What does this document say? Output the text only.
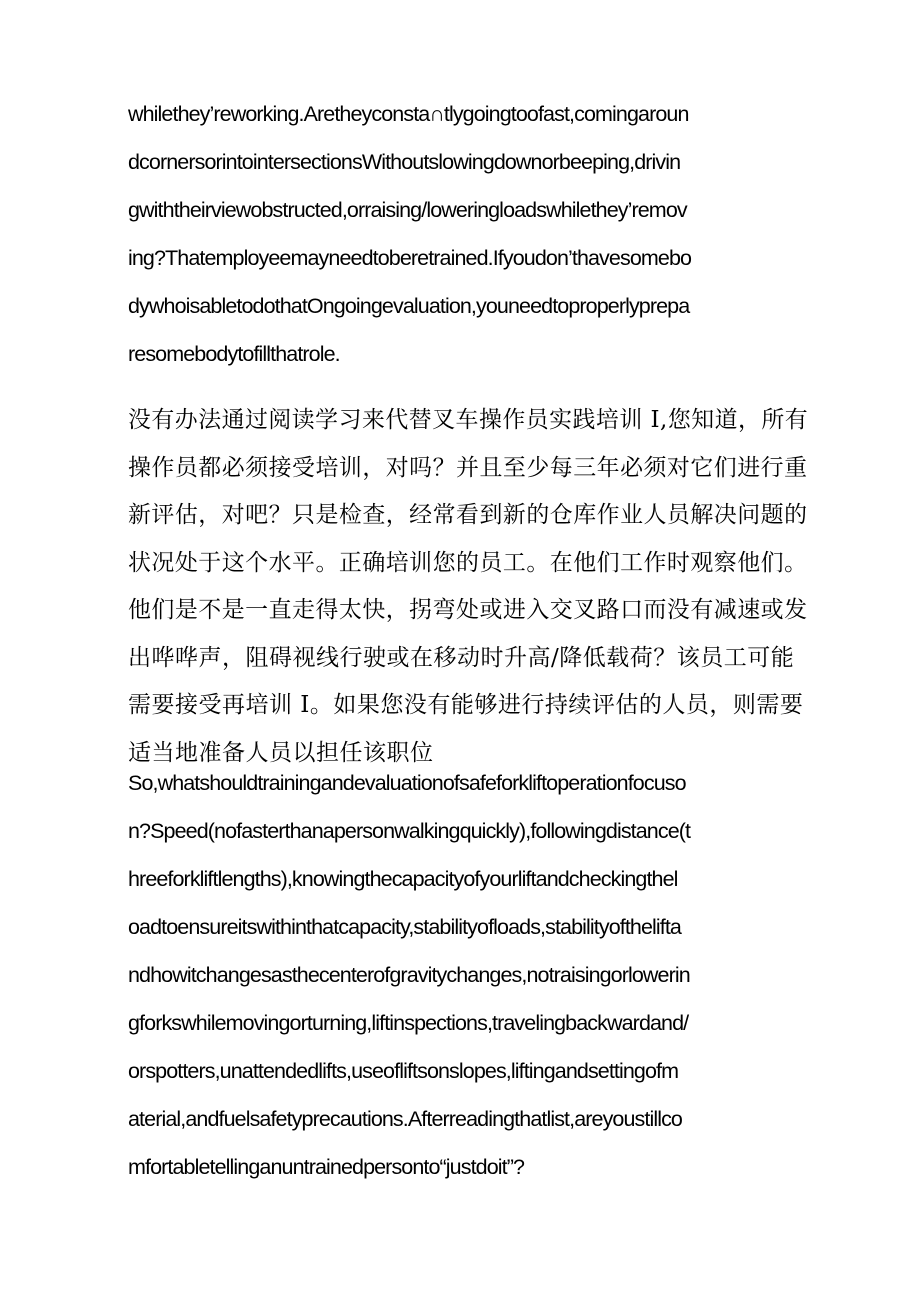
whilethey’reworking.Aretheyconsta∩tlygoingtoofast,comingaroun
dcornersorintointersectionsWithoutslowingdownorbeeping,drivin
gwiththeirviewobstructed,orraising/loweringloadswhilethey’remov
ing?Thatemployeemayneedtoberetrained.Ifyoudon’thavesomebo
dywhoisabletodothatOngoingevaluation,youneedtoproperlyprepa
resomebodytofillthatrole.
没有办法通过阅读学习来代替叉车操作员实践培训 I,您知道，所有
操作员都必须接受培训，对吗？并且至少每三年必须对它们进行重
新评估，对吧？只是检查，经常看到新的仓库作业人员解决问题的
状况处于这个水平。正确培训您的员工。在他们工作时观察他们。
他们是不是一直走得太快，拐弯处或进入交叉路口而没有减速或发
出哗哗声，阻碍视线行驶或在移动时升高/降低载荷？该员工可能
需要接受再培训 I。如果您没有能够进行持续评估的人员，则需要
适当地准备人员以担任该职位
So,whatshouldtrainingandevaluationofsafeforkliftoperationfocuso
n?Speed(nofasterthanapersonwalkingquickly),followingdistance(t
hreeforkliftlengths),knowingthecapacityofyourliftandcheckingthel
oadtoensureitswithinthatcapacity,stabilityofloads,stabilityofthelifta
ndhowitchangesasthecenterofgravitychanges,notraisingorlowerin
gforkswhilemovingorturning,liftinspections,travelingbackwardand/
orspotters,unattendedlifts,useofliftsonslopes,liftingandsettingofm
aterial,andfuelsafetyprecautions.Afterreadingthatlist,areyoustillco
mfortabletellinganuntrainedpersonto“justdoit”?
